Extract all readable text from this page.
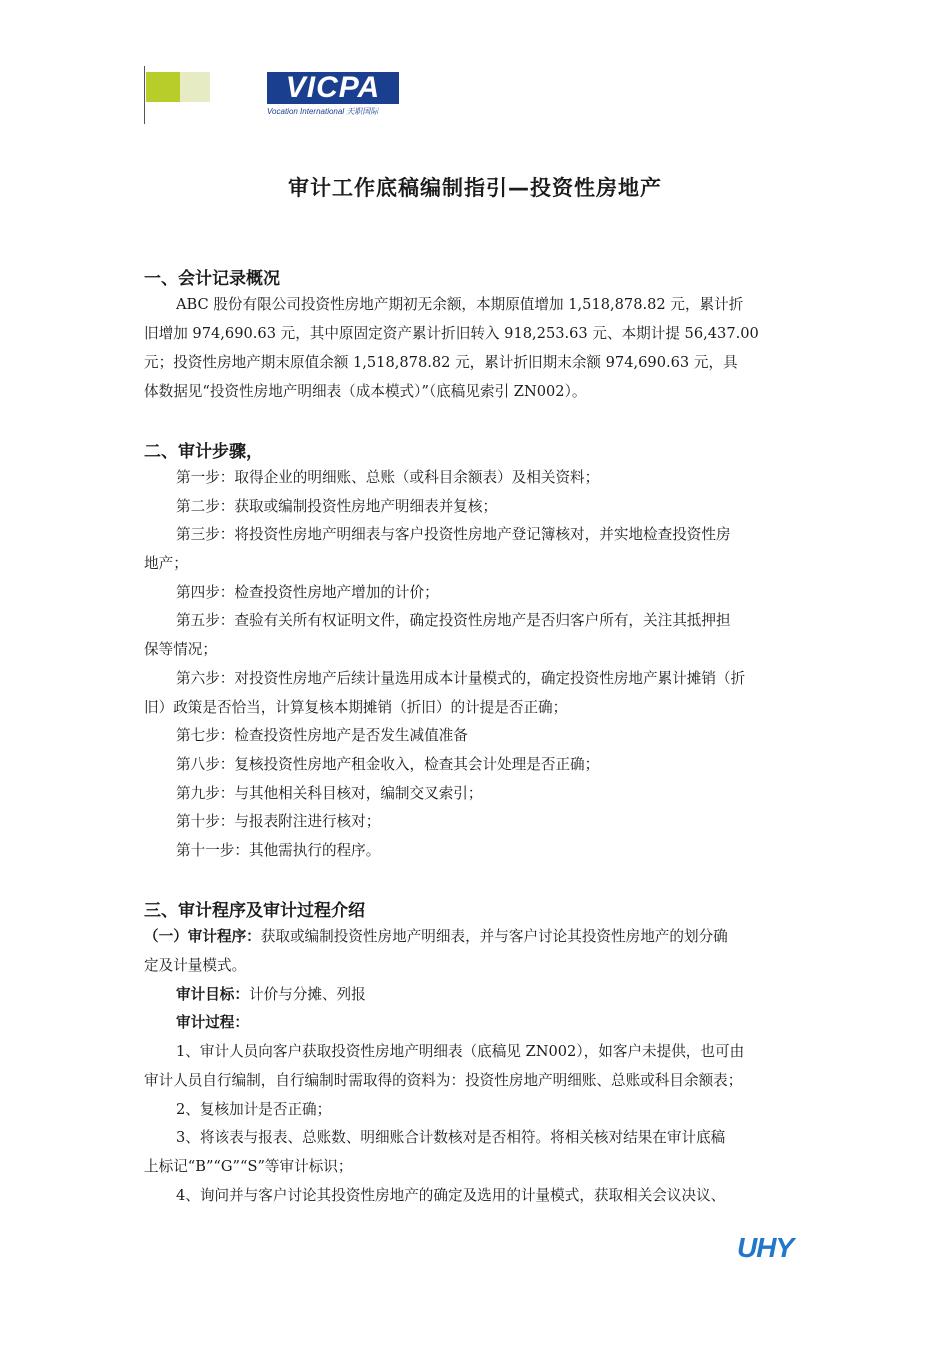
VICPA
Vocation International 天职国际
审计工作底稿编制指引—投资性房地产
一、会计记录概况
ABC 股份有限公司投资性房地产期初无余额，本期原值增加 1,518,878.82 元，累计折
旧增加 974,690.63 元，其中原固定资产累计折旧转入 918,253.63 元、本期计提 56,437.00
元；投资性房地产期末原值余额 1,518,878.82 元，累计折旧期末余额 974,690.63 元，具
体数据见“投资性房地产明细表（成本模式）”（底稿见索引 ZN002）。
二、审计步骤，
第一步：取得企业的明细账、总账（或科目余额表）及相关资料；
第二步：获取或编制投资性房地产明细表并复核；
第三步：将投资性房地产明细表与客户投资性房地产登记簿核对，并实地检查投资性房
地产；
第四步：检查投资性房地产增加的计价；
第五步：查验有关所有权证明文件，确定投资性房地产是否归客户所有，关注其抵押担
保等情况；
第六步：对投资性房地产后续计量选用成本计量模式的，确定投资性房地产累计摊销（折
旧）政策是否恰当，计算复核本期摊销（折旧）的计提是否正确；
第七步：检查投资性房地产是否发生减值准备
第八步：复核投资性房地产租金收入，检查其会计处理是否正确；
第九步：与其他相关科目核对，编制交叉索引；
第十步：与报表附注进行核对；
第十一步：其他需执行的程序。
三、审计程序及审计过程介绍
（一）审计程序：获取或编制投资性房地产明细表，并与客户讨论其投资性房地产的划分确
定及计量模式。
审计目标：计价与分摊、列报
审计过程：
1、审计人员向客户获取投资性房地产明细表（底稿见 ZN002），如客户未提供，也可由
审计人员自行编制，自行编制时需取得的资料为：投资性房地产明细账、总账或科目余额表；
2、复核加计是否正确；
3、将该表与报表、总账数、明细账合计数核对是否相符。将相关核对结果在审计底稿
上标记“B”“G”“S”等审计标识；
4、询问并与客户讨论其投资性房地产的确定及选用的计量模式，获取相关会议决议、
UHY
